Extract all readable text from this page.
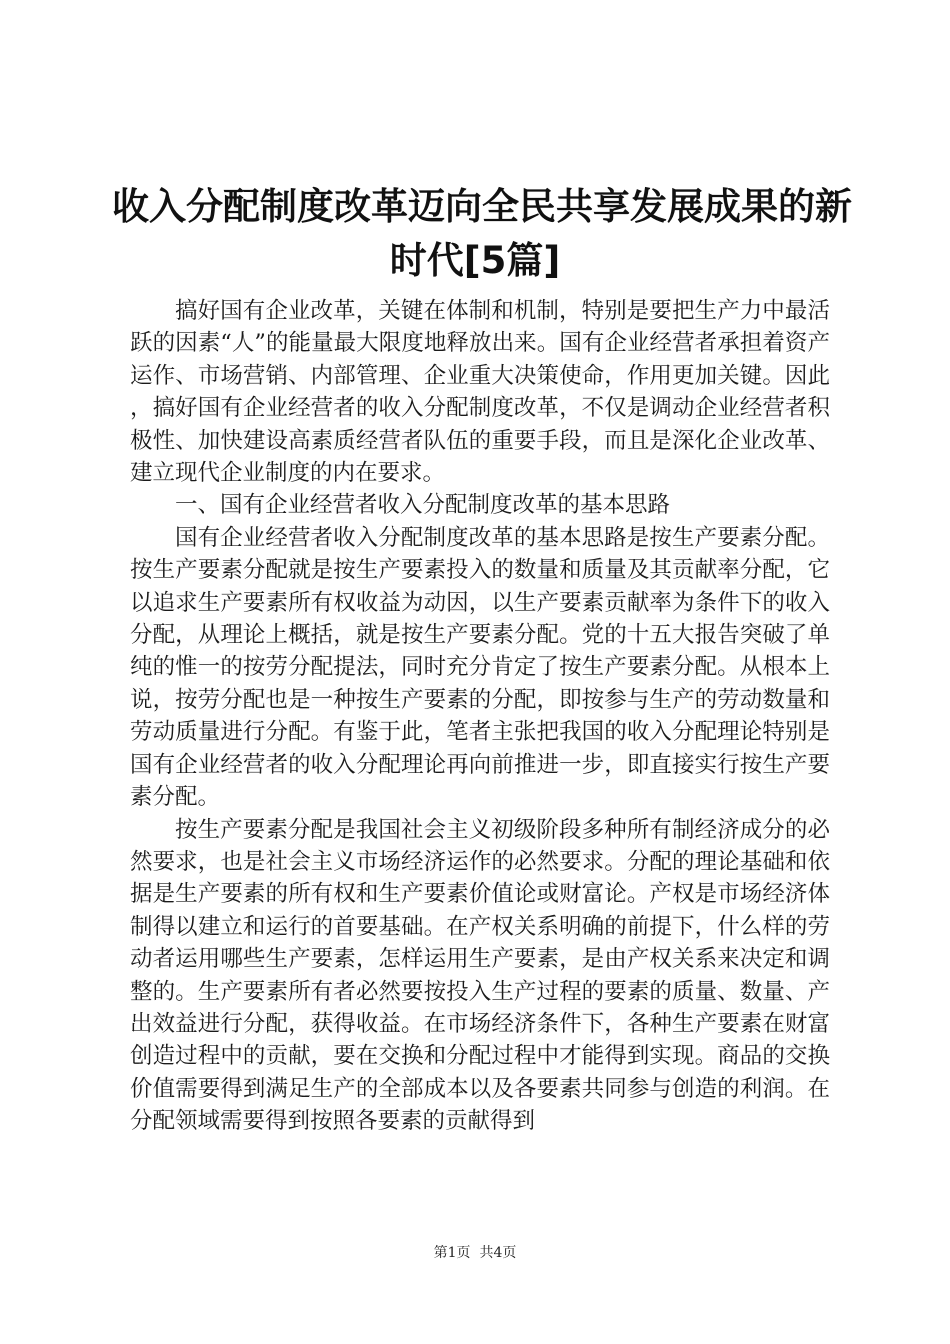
收入分配制度改革迈向全民共享发展成果的新
时代[5篇]

搞好国有企业改革，关键在体制和机制，特别是要把生产力中最活跃的因素“人”的能量最大限度地释放出来。国有企业经营者承担着资产运作、市场营销、内部管理、企业重大决策使命，作用更加关键。因此，搞好国有企业经营者的收入分配制度改革，不仅是调动企业经营者积极性、加快建设高素质经营者队伍的重要手段，而且是深化企业改革、建立现代企业制度的内在要求。

一、国有企业经营者收入分配制度改革的基本思路

国有企业经营者收入分配制度改革的基本思路是按生产要素分配。按生产要素分配就是按生产要素投入的数量和质量及其贡献率分配，它以追求生产要素所有权收益为动因，以生产要素贡献率为条件下的收入分配，从理论上概括，就是按生产要素分配。党的十五大报告突破了单纯的惟一的按劳分配提法，同时充分肯定了按生产要素分配。从根本上说，按劳分配也是一种按生产要素的分配，即按参与生产的劳动数量和劳动质量进行分配。有鉴于此，笔者主张把我国的收入分配理论特别是国有企业经营者的收入分配理论再向前推进一步，即直接实行按生产要素分配。

按生产要素分配是我国社会主义初级阶段多种所有制经济成分的必然要求，也是社会主义市场经济运作的必然要求。分配的理论基础和依据是生产要素的所有权和生产要素价值论或财富论。产权是市场经济体制得以建立和运行的首要基础。在产权关系明确的前提下，什么样的劳动者运用哪些生产要素，怎样运用生产要素，是由产权关系来决定和调整的。生产要素所有者必然要按投入生产过程的要素的质量、数量、产出效益进行分配，获得收益。在市场经济条件下，各种生产要素在财富创造过程中的贡献，要在交换和分配过程中才能得到实现。商品的交换价值需要得到满足生产的全部成本以及各要素共同参与创造的利润。在分配领域需要得到按照各要素的贡献得到

第1页  共4页
